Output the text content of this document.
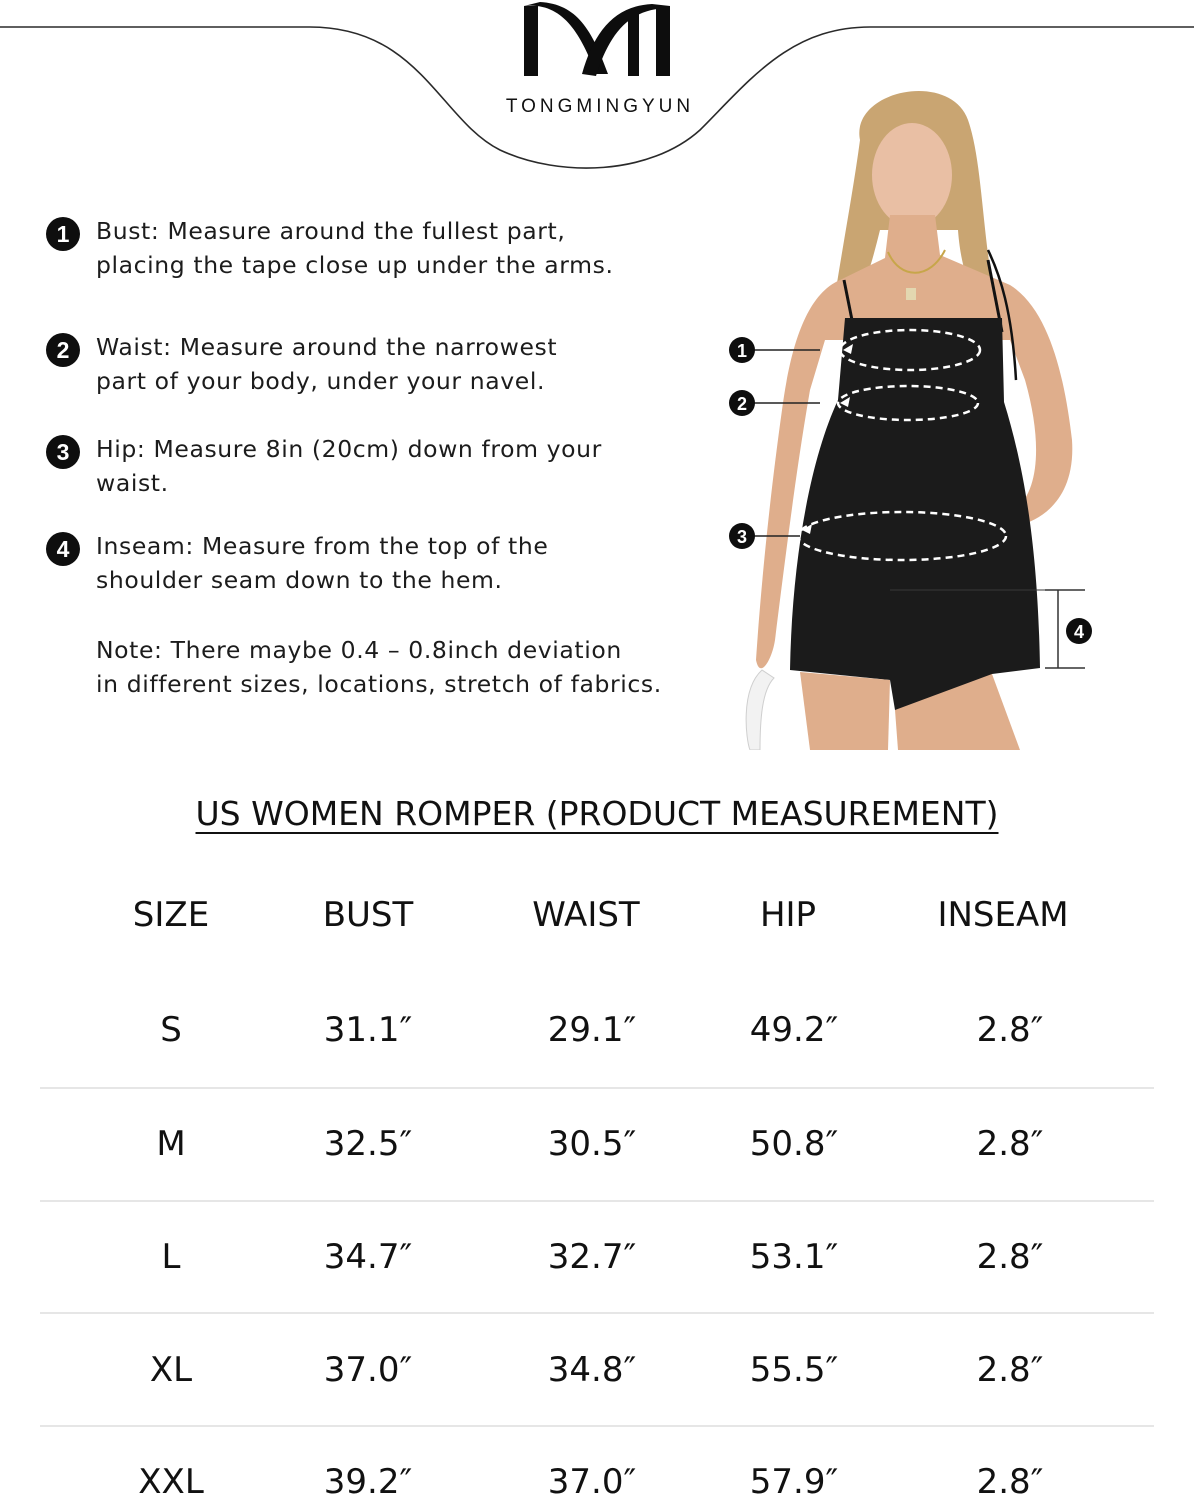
TONGMINGYUN
1	Bust: Measure around the fullest part,
placing the tape close up under the arms.
2	Waist: Measure around the narrowest
part of your body, under your navel.
3	Hip: Measure 8in (20cm) down from your
waist.
4	Inseam: Measure from the top of the
shoulder seam down to the hem.
Note: There maybe 0.4 – 0.8inch deviation
in different sizes, locations, stretch of fabrics.
1
2
3
4
US WOMEN ROMPER (PRODUCT MEASUREMENT)
SIZE	BUST	WAIST	HIP	INSEAM
S	31.1″	29.1″	49.2″	2.8″
M	32.5″	30.5″	50.8″	2.8″
L	34.7″	32.7″	53.1″	2.8″
XL	37.0″	34.8″	55.5″	2.8″
XXL	39.2″	37.0″	57.9″	2.8″
